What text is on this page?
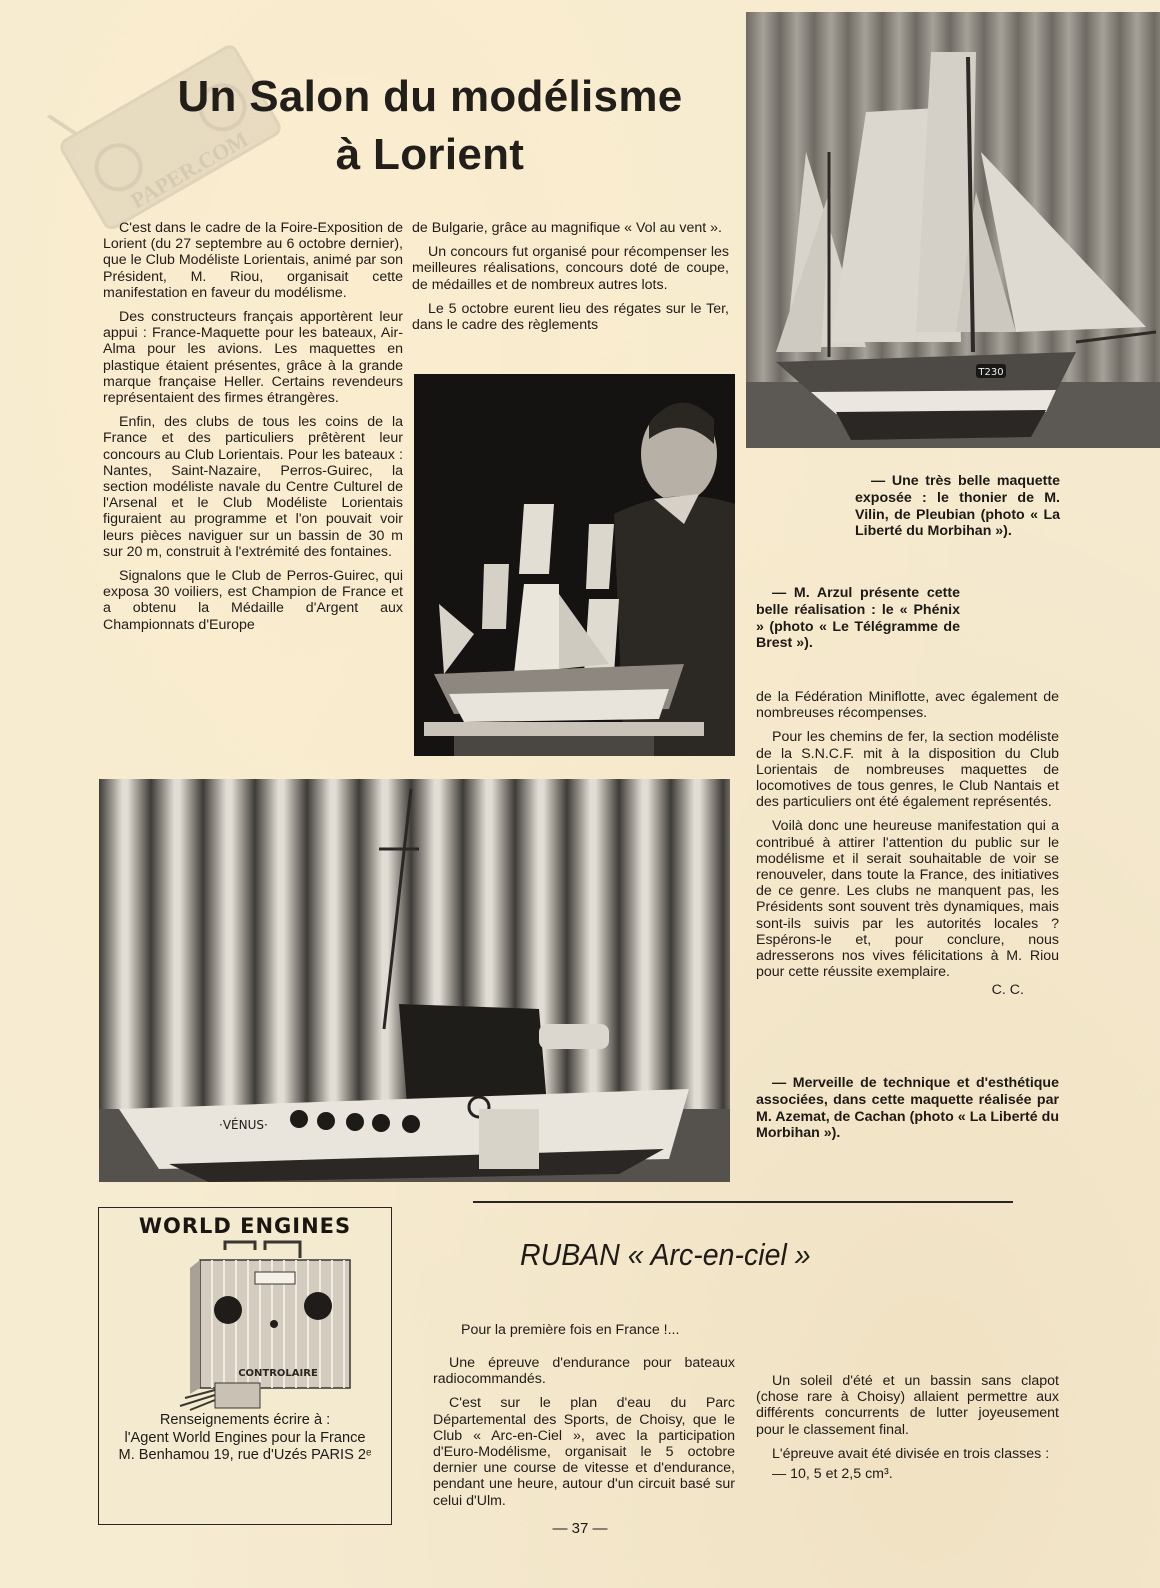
PAPER.COM
Un Salon du modélisme
à Lorient

C'est dans le cadre de la Foire-Exposition de Lorient (du 27 septembre au 6 octobre dernier), que le Club Modéliste Lorientais, animé par son Président, M. Riou, organisait cette manifestation en faveur du modélisme.

Des constructeurs français apportèrent leur appui : France-Maquette pour les bateaux, Air-Alma pour les avions. Les maquettes en plastique étaient présentes, grâce à la grande marque française Heller. Certains revendeurs représentaient des firmes étrangères.

Enfin, des clubs de tous les coins de la France et des particuliers prêtèrent leur concours au Club Lorientais. Pour les bateaux : Nantes, Saint-Nazaire, Perros-Guirec, la section modéliste navale du Centre Culturel de l'Arsenal et le Club Modéliste Lorientais figuraient au programme et l'on pouvait voir leurs pièces naviguer sur un bassin de 30 m sur 20 m, construit à l'extrémité des fontaines.

Signalons que le Club de Perros-Guirec, qui exposa 30 voiliers, est Champion de France et a obtenu la Médaille d'Argent aux Championnats d'Europe

de Bulgarie, grâce au magnifique « Vol au vent ».

Un concours fut organisé pour récompenser les meilleures réalisations, concours doté de coupe, de médailles et de nombreux autres lots.

Le 5 octobre eurent lieu des régates sur le Ter, dans le cadre des règlements

T230

— Une très belle maquette exposée : le thonier de M. Vilin, de Pleubian (photo « La Liberté du Morbihan »).

— M. Arzul présente cette belle réalisation : le « Phénix » (photo « Le Télégramme de Brest »).

de la Fédération Miniflotte, avec également de nombreuses récompenses.

Pour les chemins de fer, la section modéliste de la S.N.C.F. mit à la disposition du Club Lorientais de nombreuses maquettes de locomotives de tous genres, le Club Nantais et des particuliers ont été également représentés.

Voilà donc une heureuse manifestation qui a contribué à attirer l'attention du public sur le modélisme et il serait souhaitable de voir se renouveler, dans toute la France, des initiatives de ce genre. Les clubs ne manquent pas, les Présidents sont souvent très dynamiques, mais sont-ils suivis par les autorités locales ? Espérons-le et, pour conclure, nous adresserons nos vives félicitations à M. Riou pour cette réussite exemplaire.

C. C.
·VÉNUS·

— Merveille de technique et d'esthétique associées, dans cette maquette réalisée par M. Azemat, de Cachan (photo « La Liberté du Morbihan »).

WORLD ENGINES
CONTROLAIRE
Renseignements écrire à :
l'Agent World Engines pour la France
M. Benhamou 19, rue d'Uzés PARIS 2ᵉ
RUBAN « Arc-en-ciel »

Pour la première fois en France !...

Une épreuve d'endurance pour bateaux radiocommandés.

C'est sur le plan d'eau du Parc Départemental des Sports, de Choisy, que le Club « Arc-en-Ciel », avec la participation d'Euro-Modélisme, organisait le 5 octobre dernier une course de vitesse et d'endurance, pendant une heure, autour d'un circuit basé sur celui d'Ulm.

Un soleil d'été et un bassin sans clapot (chose rare à Choisy) allaient permettre aux différents concurrents de lutter joyeusement pour le classement final.

L'épreuve avait été divisée en trois classes :

— 10, 5 et 2,5 cm³.

— 37 —
